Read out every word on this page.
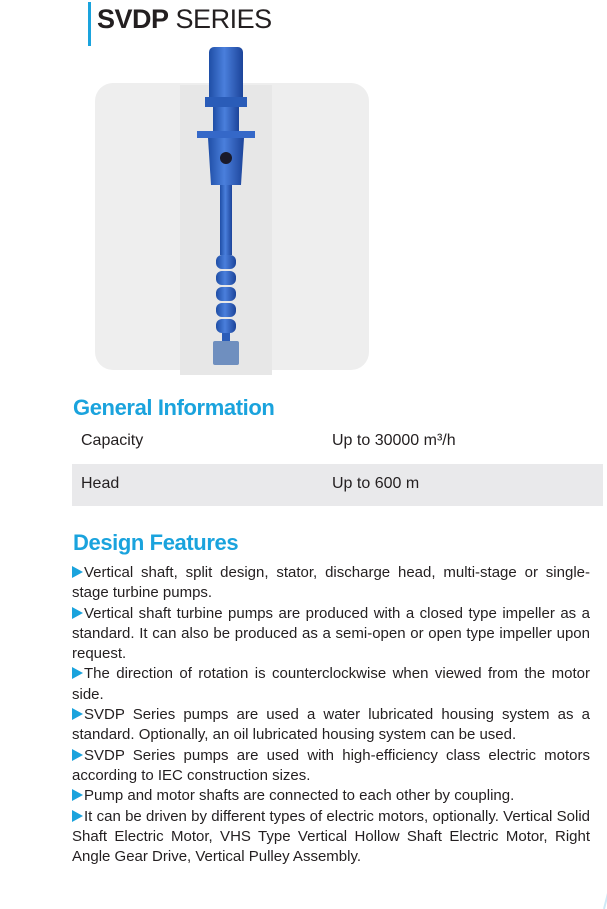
SVDP SERIES
General Information
Capacity	Up to 30000 m³/h
Head	Up to 600 m
Design Features

Vertical shaft, split design, stator, discharge head, multi-stage or single-stage turbine pumps.

Vertical shaft turbine pumps are produced with a closed type impeller as a standard. It can also be produced as a semi-open or open type impeller upon request.

The direction of rotation is counterclockwise when viewed from the motor side.

SVDP Series pumps are used a water lubricated housing system as a standard. Optionally, an oil lubricated housing system can be used.

SVDP Series pumps are used with high-efficiency class electric motors according to IEC construction sizes.

Pump and motor shafts are connected to each other by coupling.

It can be driven by different types of electric motors, optionally. Vertical Solid Shaft Electric Motor, VHS Type Vertical Hollow Shaft Electric Motor, Right Angle Gear Drive, Vertical Pulley Assembly.
